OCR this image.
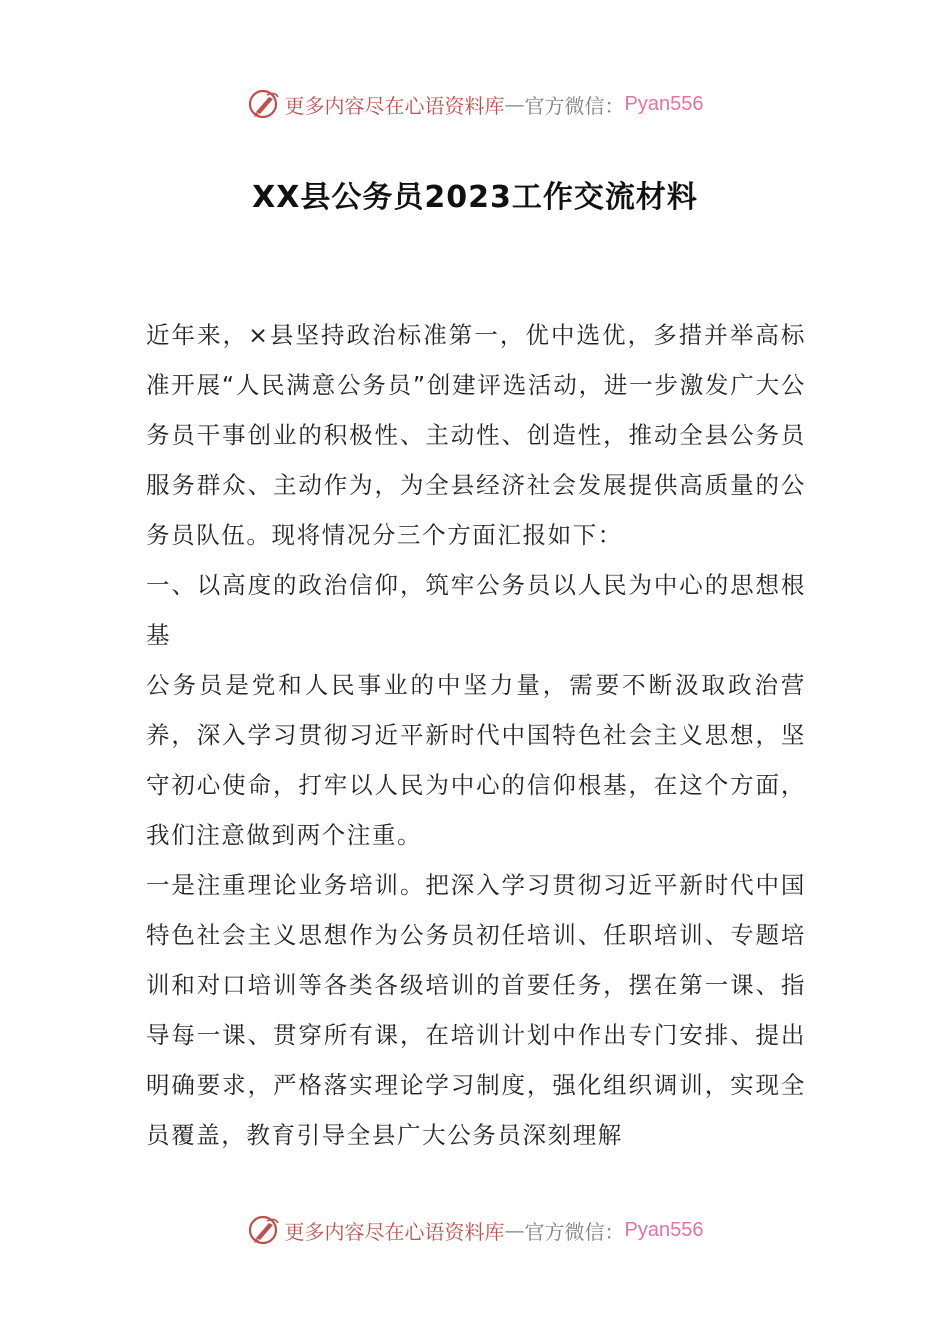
更多内容尽在心语资料库 — 官方微信： Pyan556
XX县公务员2023工作交流材料

近年来，×县坚持政治标准第一，优中选优，多措并举高标准开展“人民满意公务员”创建评选活动，进一步激发广大公务员干事创业的积极性、主动性、创造性，推动全县公务员服务群众、主动作为，为全县经济社会发展提供高质量的公务员队伍。现将情况分三个方面汇报如下：

一、以高度的政治信仰，筑牢公务员以人民为中心的思想根基

公务员是党和人民事业的中坚力量，需要不断汲取政治营养，深入学习贯彻习近平新时代中国特色社会主义思想，坚守初心使命，打牢以人民为中心的信仰根基，在这个方面，我们注意做到两个注重。

一是注重理论业务培训。把深入学习贯彻习近平新时代中国特色社会主义思想作为公务员初任培训、任职培训、专题培训和对口培训等各类各级培训的首要任务，摆在第一课、指导每一课、贯穿所有课，在培训计划中作出专门安排、提出明确要求，严格落实理论学习制度，强化组织调训，实现全员覆盖，教育引导全县广大公务员深刻理解

更多内容尽在心语资料库 — 官方微信： Pyan556
